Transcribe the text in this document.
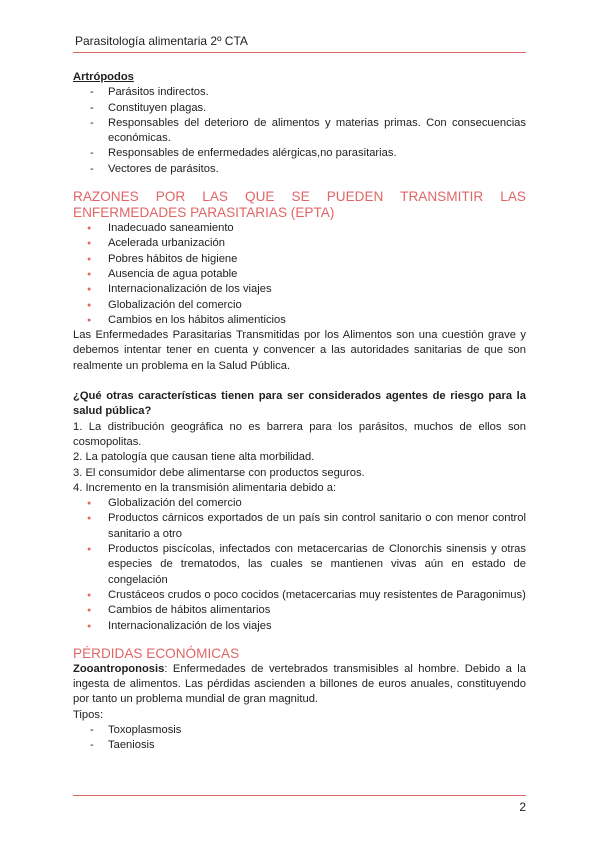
Parasitología alimentaria 2º CTA
Artrópodos
- Parásitos indirectos.
- Constituyen plagas.
- Responsables del deterioro de alimentos y materias primas. Con consecuencias económicas.
- Responsables de enfermedades alérgicas,no parasitarias.
- Vectores de parásitos.
RAZONES POR LAS QUE SE PUEDEN TRANSMITIR LAS ENFERMEDADES PARASITARIAS (EPTA)
● Inadecuado saneamiento
● Acelerada urbanización
● Pobres hábitos de higiene
● Ausencia de agua potable
● Internacionalización de los viajes
● Globalización del comercio
● Cambios en los hábitos alimenticios

Las Enfermedades Parasitarias Transmitidas por los Alimentos son una cuestión grave y debemos intentar tener en cuenta y convencer a las autoridades sanitarias de que son realmente un problema en la Salud Pública.

¿Qué otras características tienen para ser considerados agentes de riesgo para la salud pública?

1. La distribución geográfica no es barrera para los parásitos, muchos de ellos son cosmopolitas.

2. La patología que causan tiene alta morbilidad.

3. El consumidor debe alimentarse con productos seguros.

4. Incremento en la transmisión alimentaria debido a:

● Globalización del comercio
● Productos cárnicos exportados de un país sin control sanitario o con menor control sanitario a otro
● Productos piscícolas, infectados con metacercarias de Clonorchis sinensis y otras especies de trematodos, las cuales se mantienen vivas aún en estado de congelación
● Crustáceos crudos o poco cocidos (metacercarias muy resistentes de Paragonimus)
● Cambios de hábitos alimentarios
● Internacionalización de los viajes
PÉRDIDAS ECONÓMICAS

Zooantroponosis: Enfermedades de vertebrados transmisibles al hombre. Debido a la ingesta de alimentos. Las pérdidas ascienden a billones de euros anuales, constituyendo por tanto un problema mundial de gran magnitud.

Tipos:

- Toxoplasmosis
- Taeniosis
2
